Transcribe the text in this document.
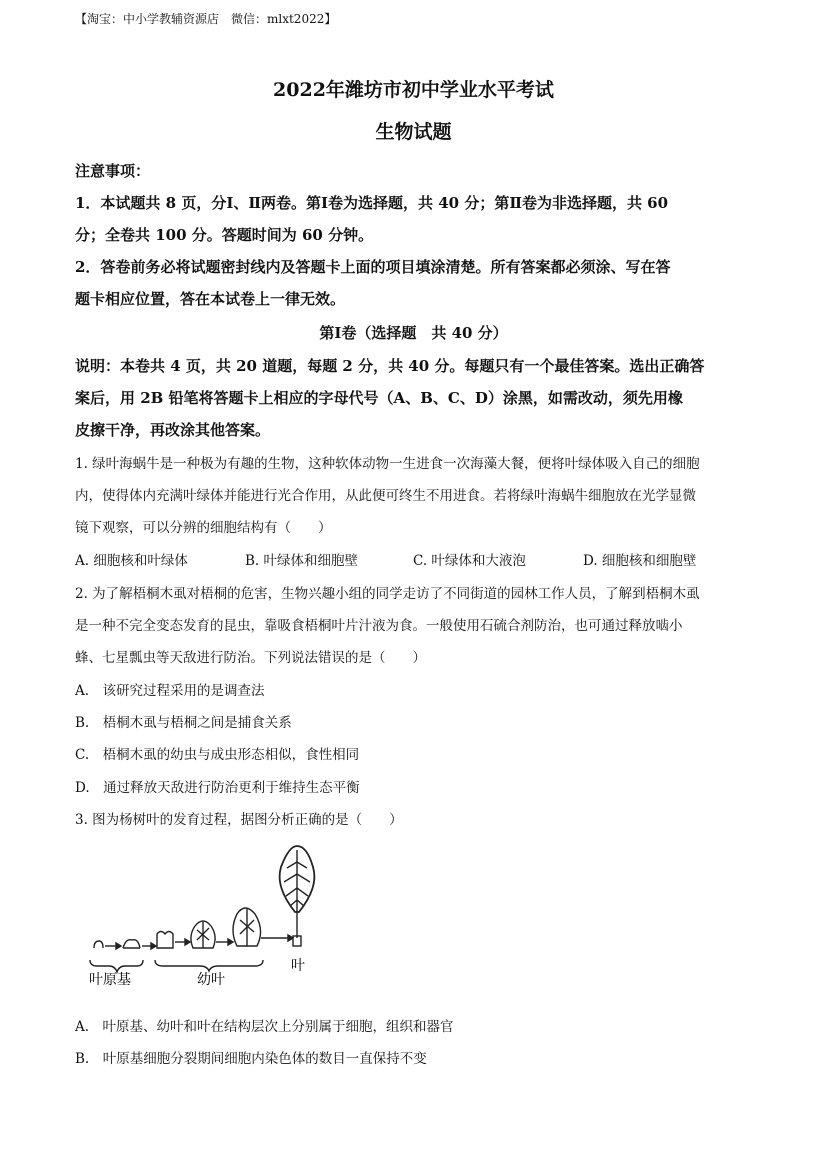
【淘宝：中小学教辅资源店　微信：mlxt2022】
2022年潍坊市初中学业水平考试
生物试题
注意事项：
1．本试题共 8 页，分Ⅰ、Ⅱ两卷。第Ⅰ卷为选择题，共 40 分；第Ⅱ卷为非选择题，共 60
分；全卷共 100 分。答题时间为 60 分钟。
2．答卷前务必将试题密封线内及答题卡上面的项目填涂清楚。所有答案都必须涂、写在答
题卡相应位置，答在本试卷上一律无效。
第Ⅰ卷（选择题　共 40 分）
说明：本卷共 4 页，共 20 道题，每题 2 分，共 40 分。每题只有一个最佳答案。选出正确答
案后，用 2B 铅笔将答题卡上相应的字母代号（A、B、C、D）涂黑，如需改动，须先用橡
皮擦干净，再改涂其他答案。
1. 绿叶海蜗牛是一种极为有趣的生物，这种软体动物一生进食一次海藻大餐，便将叶绿体吸入自己的细胞
内，使得体内充满叶绿体并能进行光合作用，从此便可终生不用进食。若将绿叶海蜗牛细胞放在光学显微
镜下观察，可以分辨的细胞结构有（　　）
A. 细胞核和叶绿体	B. 叶绿体和细胞壁	C. 叶绿体和大液泡	D. 细胞核和细胞壁
2. 为了解梧桐木虱对梧桐的危害，生物兴趣小组的同学走访了不同街道的园林工作人员，了解到梧桐木虱
是一种不完全变态发育的昆虫，靠吸食梧桐叶片汁液为食。一般使用石硫合剂防治，也可通过释放啮小
蜂、七星瓢虫等天敌进行防治。下列说法错误的是（　　）
A.　该研究过程采用的是调查法
B.　梧桐木虱与梧桐之间是捕食关系
C.　梧桐木虱的幼虫与成虫形态相似，食性相同
D.　通过释放天敌进行防治更利于维持生态平衡
3. 图为杨树叶的发育过程，据图分析正确的是（　　）
叶原基	幼叶
叶
A.　叶原基、幼叶和叶在结构层次上分别属于细胞，组织和器官
B.　叶原基细胞分裂期间细胞内染色体的数目一直保持不变
